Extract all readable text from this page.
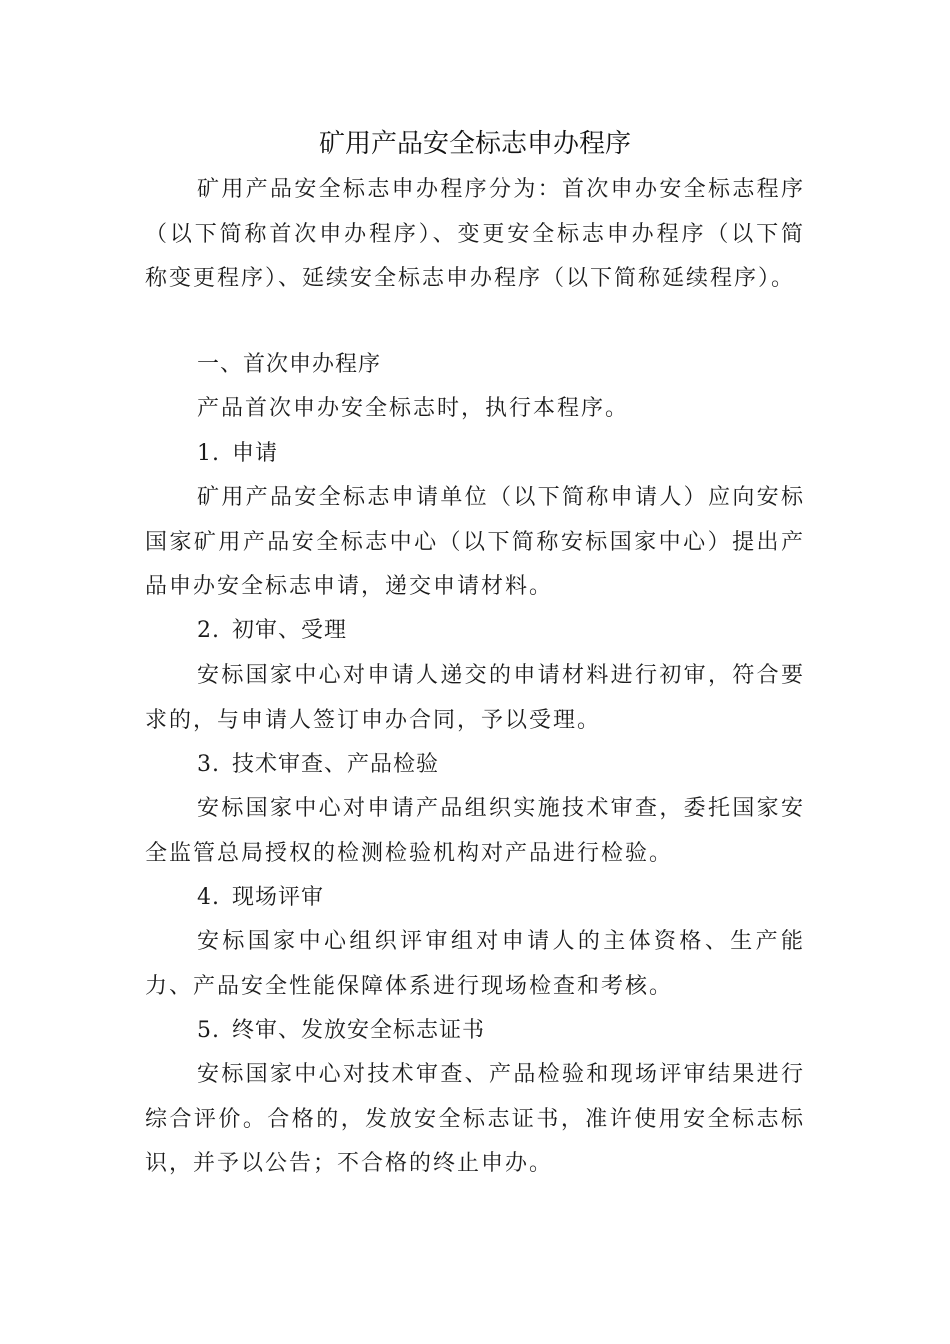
矿用产品安全标志申办程序

矿用产品安全标志申办程序分为：首次申办安全标志程序（以下简称首次申办程序）、变更安全标志申办程序（以下简称变更程序）、延续安全标志申办程序（以下简称延续程序）。

一、首次申办程序

产品首次申办安全标志时，执行本程序。

1. 申请

矿用产品安全标志申请单位（以下简称申请人）应向安标国家矿用产品安全标志中心（以下简称安标国家中心）提出产品申办安全标志申请，递交申请材料。

2. 初审、受理

安标国家中心对申请人递交的申请材料进行初审，符合要求的，与申请人签订申办合同，予以受理。

3. 技术审查、产品检验

安标国家中心对申请产品组织实施技术审查，委托国家安全监管总局授权的检测检验机构对产品进行检验。

4. 现场评审

安标国家中心组织评审组对申请人的主体资格、生产能力、产品安全性能保障体系进行现场检查和考核。

5. 终审、发放安全标志证书

安标国家中心对技术审查、产品检验和现场评审结果进行综合评价。合格的，发放安全标志证书，准许使用安全标志标识，并予以公告；不合格的终止申办。
